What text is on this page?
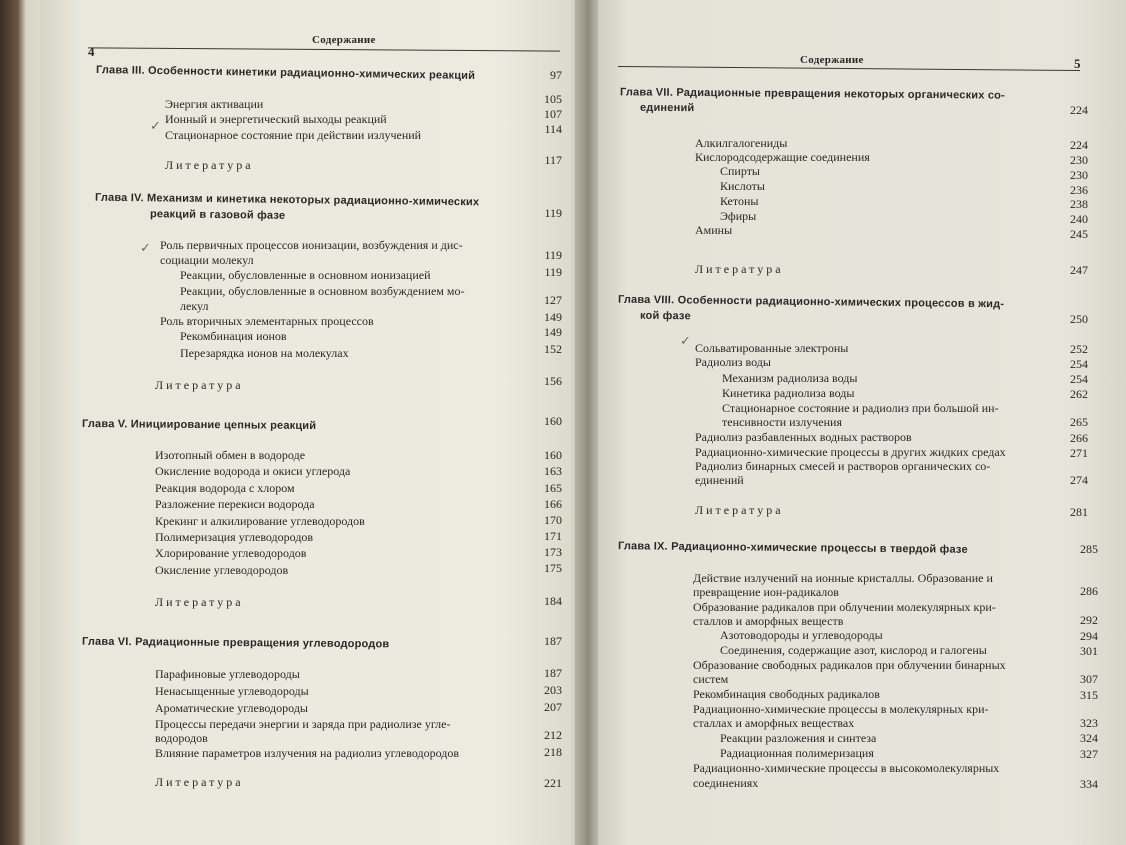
4
Содержание
Глава III. Особенности кинетики радиационно-химических реакций	97
Энергия активации	105
Ионный и энергетический выходы реакций	107
Стационарное состояние при действии излучений	114
Литература	117
Глава IV. Механизм и кинетика некоторых радиационно-химических
реакций в газовой фазе	119
Роль первичных процессов ионизации, возбуждения и дис-
социации молекул	119
Реакции, обусловленные в основном ионизацией	119
Реакции, обусловленные в основном возбуждением мо-
лекул	127
Роль вторичных элементарных процессов	149
Рекомбинация ионов	149
Перезарядка ионов на молекулах	152
Литература	156
Глава V. Инициирование цепных реакций	160
Изотопный обмен в водороде	160
Окисление водорода и окиси углерода	163
Реакция водорода с хлором	165
Разложение перекиси водорода	166
Крекинг и алкилирование углеводородов	170
Полимеризация углеводородов	171
Хлорирование углеводородов	173
Окисление углеводородов	175
Литература	184
Глава VI. Радиационные превращения углеводородов	187
Парафиновые углеводороды	187
Ненасыщенные углеводороды	203
Ароматические углеводороды	207
Процессы передачи энергии и заряда при радиолизе угле-
водородов	212
Влияние параметров излучения на радиолиз углеводородов	218
Литература	221
Содержание	5
Глава VII. Радиационные превращения некоторых органических со-
единений	224
Алкилгалогениды	224
Кислородсодержащие соединения	230
Спирты	230
Кислоты	236
Кетоны	238
Эфиры	240
Амины	245
Литература	247
Глава VIII. Особенности радиационно-химических процессов в жид-
кой фазе	250
Сольватированные электроны	252
Радиолиз воды	254
Механизм радиолиза воды	254
Кинетика радиолиза воды	262
Стационарное состояние и радиолиз при большой ин-
тенсивности излучения	265
Радиолиз разбавленных водных растворов	266
Радиационно-химические процессы в других жидких средах	271
Радиолиз бинарных смесей и растворов органических со-
единений	274
Литература	281
Глава IX. Радиационно-химические процессы в твердой фазе	285
Действие излучений на ионные кристаллы. Образование и
превращение ион-радикалов	286
Образование радикалов при облучении молекулярных кри-
сталлов и аморфных веществ	292
Азотоводороды и углеводороды	294
Соединения, содержащие азот, кислород и галогены	301
Образование свободных радикалов при облучении бинарных
систем	307
Рекомбинация свободных радикалов	315
Радиационно-химические процессы в молекулярных кри-
сталлах и аморфных веществах	323
Реакции разложения и синтеза	324
Радиационная полимеризация	327
Радиационно-химические процессы в высокомолекулярных
соединениях	334
✓
✓
✓
